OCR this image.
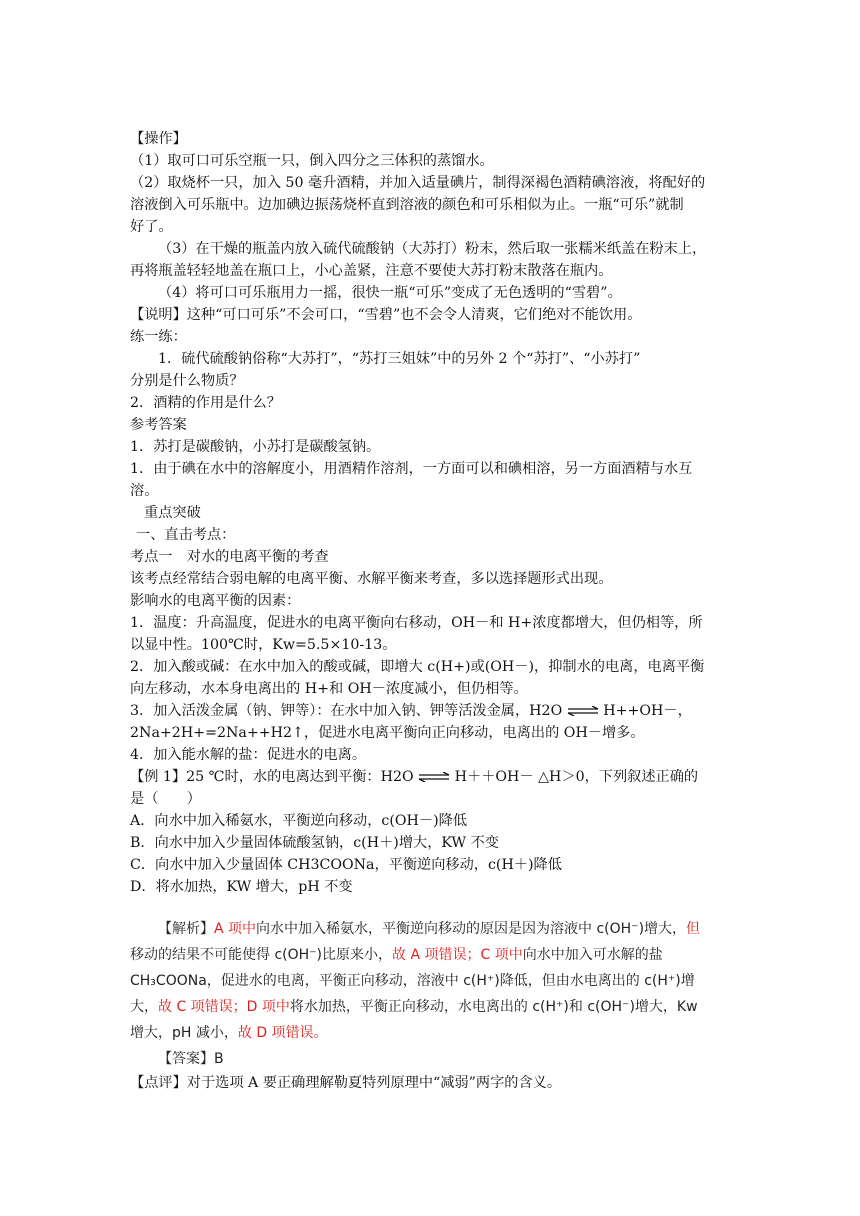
【操作】
（1）取可口可乐空瓶一只，倒入四分之三体积的蒸馏水。
（2）取烧杯一只，加入 50 毫升酒精，并加入适量碘片，制得深褐色酒精碘溶液，将配好的
溶液倒入可乐瓶中。边加碘边振荡烧杯直到溶液的颜色和可乐相似为止。一瓶“可乐”就制
好了。
（3）在干燥的瓶盖内放入硫代硫酸钠（大苏打）粉末，然后取一张糯米纸盖在粉末上，
再将瓶盖轻轻地盖在瓶口上，小心盖紧，注意不要使大苏打粉末散落在瓶内。
（4）将可口可乐瓶用力一摇，很快一瓶“可乐”变成了无色透明的“雪碧”。
【说明】这种“可口可乐”不会可口，“雪碧”也不会令人清爽，它们绝对不能饮用。
练一练：
1．硫代硫酸钠俗称“大苏打”，“苏打三姐妹”中的另外 2 个“苏打”、“小苏打”
分别是什么物质？
2．酒精的作用是什么？
参考答案
1．苏打是碳酸钠，小苏打是碳酸氢钠。
1．由于碘在水中的溶解度小，用酒精作溶剂，一方面可以和碘相溶，另一方面酒精与水互
溶。
重点突破
一、直击考点：
考点一　对水的电离平衡的考查
该考点经常结合弱电解的电离平衡、水解平衡来考查，多以选择题形式出现。
影响水的电离平衡的因素：
1．温度：升高温度，促进水的电离平衡向右移动，OH－和 H+浓度都增大，但仍相等，所
以显中性。100℃时，Kw=5.5×10-13。
2．加入酸或碱：在水中加入的酸或碱，即增大 c(H+)或(OH－)，抑制水的电离，电离平衡
向左移动，水本身电离出的 H+和 OH－浓度减小，但仍相等。
3．加入活泼金属（钠、钾等）：在水中加入钠、钾等活泼金属，H2O ⇌ H++OH－，
2Na+2H+=2Na++H2↑，促进水电离平衡向正向移动，电离出的 OH－增多。
4．加入能水解的盐：促进水的电离。
【例 1】25 ℃时，水的电离达到平衡：H2O ⇌ H＋＋OH－ △H＞0，下列叙述正确的
是（　　）
A．向水中加入稀氨水，平衡逆向移动，c(OH－)降低
B．向水中加入少量固体硫酸氢钠，c(H＋)增大，KW 不变
C．向水中加入少量固体 CH3COONa，平衡逆向移动，c(H＋)降低
D．将水加热，KW 增大，pH 不变
【解析】A 项中向水中加入稀氨水，平衡逆向移动的原因是因为溶液中 c(OH⁻)增大，但
移动的结果不可能使得 c(OH⁻)比原来小，故 A 项错误；C 项中向水中加入可水解的盐
CH₃COONa，促进水的电离，平衡正向移动，溶液中 c(H⁺)降低，但由水电离出的 c(H⁺)增
大，故 C 项错误；D 项中将水加热，平衡正向移动，水电离出的 c(H⁺)和 c(OH⁻)增大，Kw
增大，pH 减小，故 D 项错误。
【答案】B
【点评】对于选项 A 要正确理解勒夏特列原理中“减弱”两字的含义。
